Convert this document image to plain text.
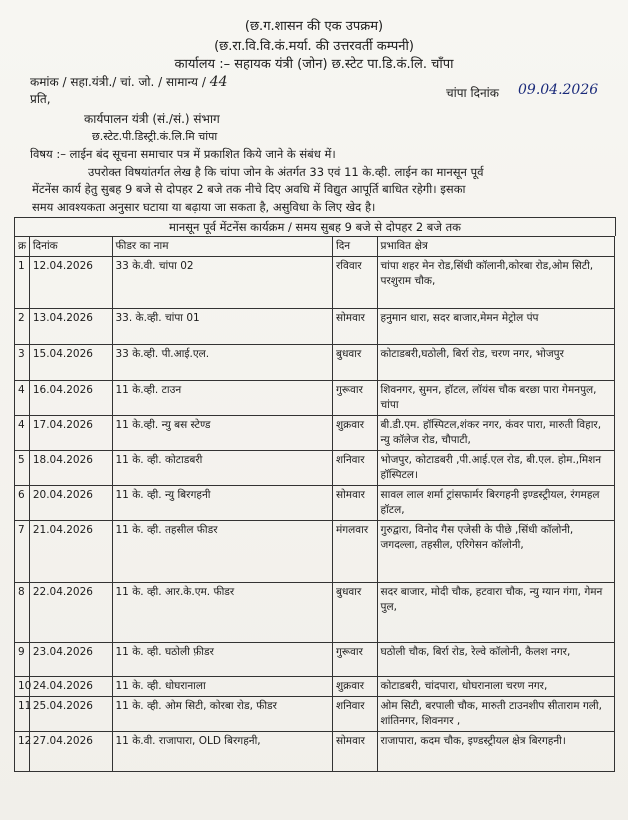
(छ.ग.शासन की एक उपक्रम)
(छ.रा.वि.वि.कं.मर्या. की उत्तरवर्ती कम्पनी)
कार्यालय :– सहायक यंत्री (जोन) छ.स्टेट पा.डि.कं.लि. चाँपा
कमांक / सहा.यंत्री./ चां. जो. / सामान्य / 44
चांपा दिनांक 09.04.2026
प्रति,
कार्यपालन यंत्री (सं./सं.) संभाग
छ.स्टेट.पी.डिस्ट्री.कं.लि.मि चांपा
विषय :– लाईन बंद सूचना समाचार पत्र में प्रकाशित किये जाने के संबंध में।
उपरोक्त विषयांतर्गत लेख है कि चांपा जोन के अंतर्गत 33 एवं 11 के.व्ही. लाईन का मानसून पूर्व
मेंटनेंस कार्य हेतु सुबह 9 बजे से दोपहर 2 बजे तक नीचे दिए अवधि में विद्युत आपूर्ति बाधित रहेगी। इसका
समय आवश्यकता अनुसार घटाया या बढ़ाया जा सकता है, असुविधा के लिए खेद है।
मानसून पूर्व मेंटनेंस कार्यक्रम / समय सुबह 9 बजे से दोपहर 2 बजे तक
क्र	दिनांक	फीडर का नाम	दिन	प्रभावित क्षेत्र
1	12.04.2026	33 के.वी. चांपा 02	रविवार	चांपा शहर मेन रोड,सिंधी कॉलानी,कोरबा रोड,ओम सिटी, परशुराम चौक,
2	13.04.2026	33. के.व्ही. चांपा 01	सोमवार	हनुमान धारा, सदर बाजार,मेमन मेट्रोल पंप
3	15.04.2026	33 के.व्ही. पी.आई.एल.	बुधवार	कोटाडबरी,घठोली, बिर्रा रोड, चरण नगर, भोजपुर
4	16.04.2026	11 के.व्ही. टाउन	गुरूवार	शिवनगर, सुमन, हॉटल, लॉयंस चौक बरछा पारा गेमनपुल, चांपा
4	17.04.2026	11 के.व्ही. न्यु बस स्टेण्ड	शुक्रवार	बी.डी.एम. हॉस्पिटल,शंकर नगर, कंवर पारा, मारुती विहार, न्यु कॉलेज रोड, चौपाटी,
5	18.04.2026	11 के. व्ही. कोटाडबरी	शनिवार	भोजपुर, कोटाडबरी ,पी.आई.एल रोड, बी.एल. होम.,मिशन हॉस्पिटल।
6	20.04.2026	11 के. व्ही. न्यु बिरगहनी	सोमवार	सावल लाल शर्मा ट्रांसफार्मर बिरगहनी इण्डस्ट्रीयल, रंगमहल हॉटल,
7	21.04.2026	11 के. व्ही. तहसील फीडर	मंगलवार	गुरुद्वारा, विनोद गैस एजेसी के पीछे ,सिंधी कॉलोनी, जगदल्ला, तहसील, एरिगेसन कॉलोनी,
8	22.04.2026	11 के. व्ही. आर.के.एम. फीडर	बुधवार	सदर बाजार, मोदी चौक, हटवारा चौक, न्यु ग्यान गंगा, गेमन पुल,
9	23.04.2026	11 के. व्ही. घठोली फ़ीडर	गुरूवार	घठोली चौक, बिर्रा रोड, रेल्वे कॉलोनी, कैलश नगर,
10	24.04.2026	11 के. व्ही. धोघरानाला	शुक्रवार	कोटाडबरी, चांदपारा, धोघरानाला चरण नगर,
11	25.04.2026	11 के. व्ही. ओम सिटी, कोरबा रोड, फीडर	शनिवार	ओम सिटी, बरपाली चौक, मारुती टाउनशीप सीताराम गली, शांतिनगर, शिवनगर ,
12	27.04.2026	11 के.वी. राजापारा, OLD बिरगहनी,	सोमवार	राजापारा, कदम चौक, इण्डस्ट्रीयल क्षेत्र बिरगहनी।
